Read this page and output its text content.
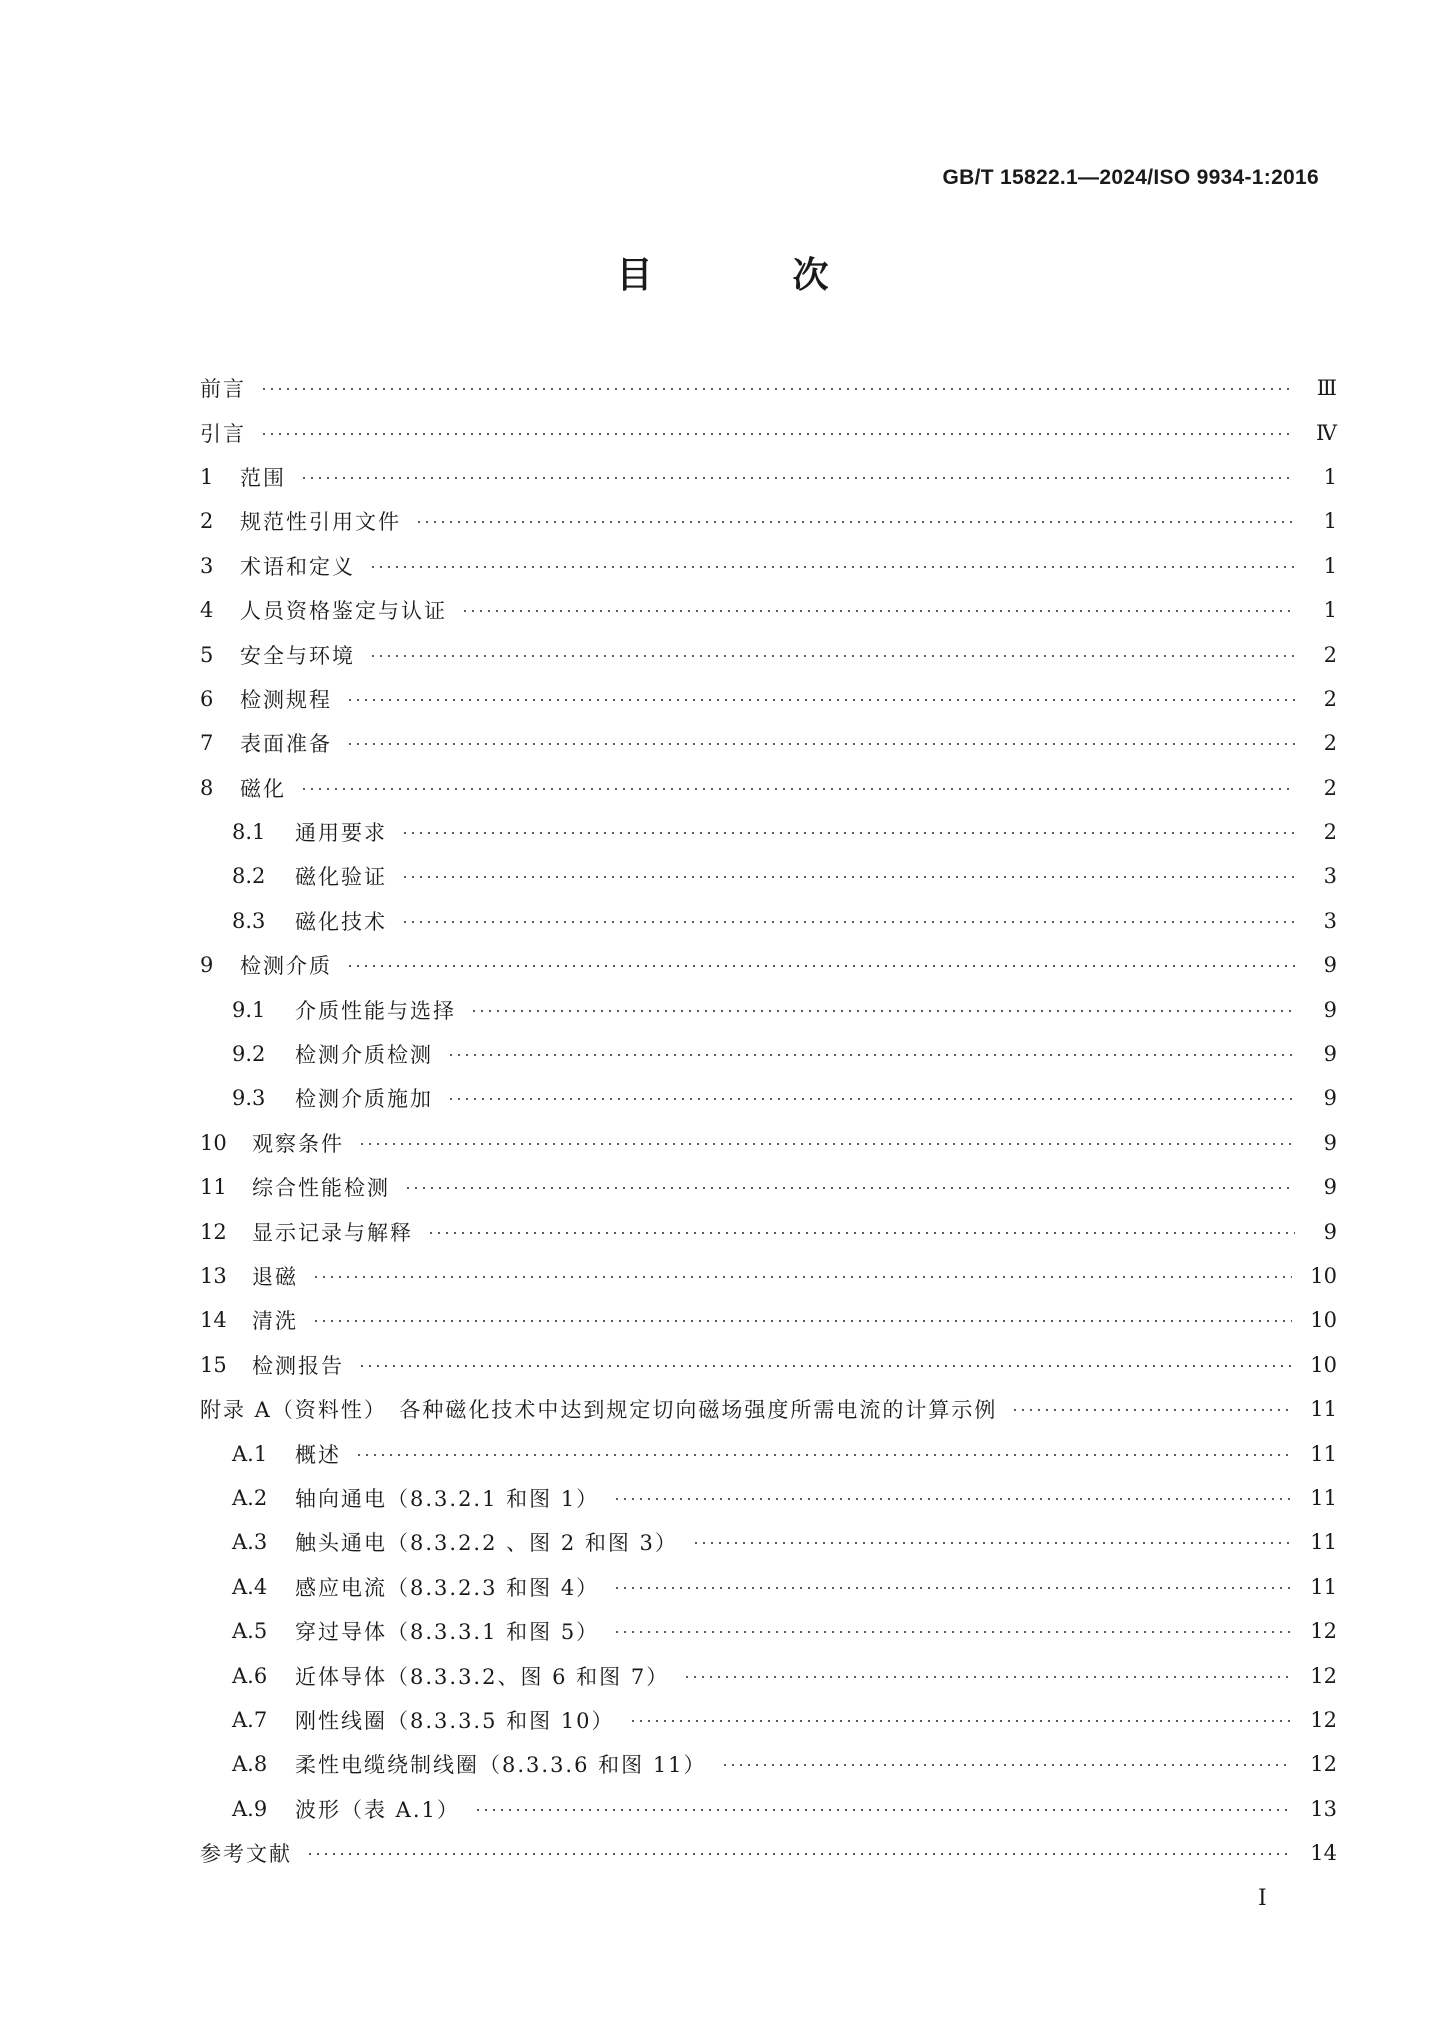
GB/T 15822.1—2024/ISO 9934-1:2016
目　次
前言	Ⅲ
引言	Ⅳ
1	范围	1
2	规范性引用文件	1
3	术语和定义	1
4	人员资格鉴定与认证	1
5	安全与环境	2
6	检测规程	2
7	表面准备	2
8	磁化	2
8.1	通用要求	2
8.2	磁化验证	3
8.3	磁化技术	3
9	检测介质	9
9.1	介质性能与选择	9
9.2	检测介质检测	9
9.3	检测介质施加	9
10	观察条件	9
11	综合性能检测	9
12	显示记录与解释	9
13	退磁	10
14	清洗	10
15	检测报告	10
附录 A（资料性）　各种磁化技术中达到规定切向磁场强度所需电流的计算示例	11
A.1	概述	11
A.2	轴向通电（8.3.2.1 和图 1）	11
A.3	触头通电（8.3.2.2 、图 2 和图 3）	11
A.4	感应电流（8.3.2.3 和图 4）	11
A.5	穿过导体（8.3.3.1 和图 5）	12
A.6	近体导体（8.3.3.2、图 6 和图 7）	12
A.7	刚性线圈（8.3.3.5 和图 10）	12
A.8	柔性电缆绕制线圈（8.3.3.6 和图 11）	12
A.9	波形（表 A.1）	13
参考文献	14
Ⅰ
